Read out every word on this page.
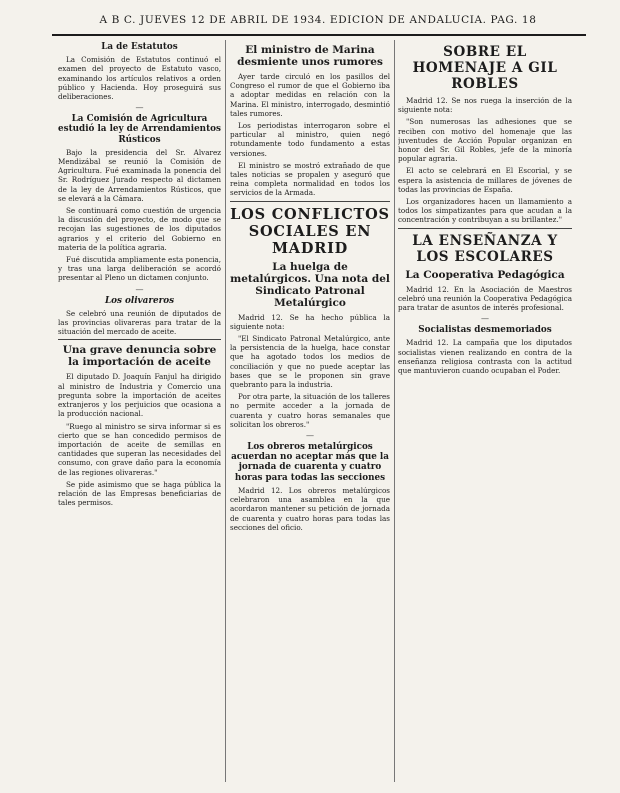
A B C. JUEVES 12 DE ABRIL DE 1934. EDICION DE ANDALUCIA. PAG. 18
La de Estatutos

La Comisión de Estatutos continuó el examen del proyecto de Estatuto vasco, examinando los artículos relativos a orden público y Hacienda. Hoy proseguirá sus deliberaciones.

—
La Comisión de Agricultura estudió la ley de Arrendamientos Rústicos

Bajo la presidencia del Sr. Alvarez Mendizábal se reunió la Comisión de Agricultura. Fué examinada la ponencia del Sr. Rodríguez Jurado respecto al dictamen de la ley de Arrendamientos Rústicos, que se elevará a la Cámara.

Se continuará como cuestión de urgencia la discusión del proyecto, de modo que se recojan las sugestiones de los diputados agrarios y el criterio del Gobierno en materia de la política agraria.

Fué discutida ampliamente esta ponencia, y tras una larga deliberación se acordó presentar al Pleno un dictamen conjunto.

—
Los olivareros

Se celebró una reunión de diputados de las provincias olivareras para tratar de la situación del mercado de aceite.

Una grave denuncia sobre la importación de aceite

El diputado D. Joaquín Fanjul ha dirigido al ministro de Industria y Comercio una pregunta sobre la importación de aceites extranjeros y los perjuicios que ocasiona a la producción nacional.

"Ruego al ministro se sirva informar si es cierto que se han concedido permisos de importación de aceite de semillas en cantidades que superan las necesidades del consumo, con grave daño para la economía de las regiones olivareras."

Se pide asimismo que se haga pública la relación de las Empresas beneficiarias de tales permisos.

El ministro de Marina desmiente unos rumores

Ayer tarde circuló en los pasillos del Congreso el rumor de que el Gobierno iba a adoptar medidas en relación con la Marina. El ministro, interrogado, desmintió tales rumores.

Los periodistas interrogaron sobre el particular al ministro, quien negó rotundamente todo fundamento a estas versiones.

El ministro se mostró extrañado de que tales noticias se propalen y aseguró que reina completa normalidad en todos los servicios de la Armada.

LOS CONFLICTOS SOCIALES EN MADRID
La huelga de metalúrgicos. Una nota del Sindicato Patronal Metalúrgico

Madrid 12. Se ha hecho pública la siguiente nota:

"El Sindicato Patronal Metalúrgico, ante la persistencia de la huelga, hace constar que ha agotado todos los medios de conciliación y que no puede aceptar las bases que se le proponen sin grave quebranto para la industria.

Por otra parte, la situación de los talleres no permite acceder a la jornada de cuarenta y cuatro horas semanales que solicitan los obreros."

—
Los obreros metalúrgicos acuerdan no aceptar más que la jornada de cuarenta y cuatro horas para todas las secciones

Madrid 12. Los obreros metalúrgicos celebraron una asamblea en la que acordaron mantener su petición de jornada de cuarenta y cuatro horas para todas las secciones del oficio.

SOBRE EL HOMENAJE A GIL ROBLES

Madrid 12. Se nos ruega la inserción de la siguiente nota:

"Son numerosas las adhesiones que se reciben con motivo del homenaje que las juventudes de Acción Popular organizan en honor del Sr. Gil Robles, jefe de la minoría popular agraria.

El acto se celebrará en El Escorial, y se espera la asistencia de millares de jóvenes de todas las provincias de España.

Los organizadores hacen un llamamiento a todos los simpatizantes para que acudan a la concentración y contribuyan a su brillantez."

LA ENSEÑANZA Y LOS ESCOLARES
La Cooperativa Pedagógica

Madrid 12. En la Asociación de Maestros celebró una reunión la Cooperativa Pedagógica para tratar de asuntos de interés profesional.

—
Socialistas desmemoriados

Madrid 12. La campaña que los diputados socialistas vienen realizando en contra de la enseñanza religiosa contrasta con la actitud que mantuvieron cuando ocupaban el Poder.
